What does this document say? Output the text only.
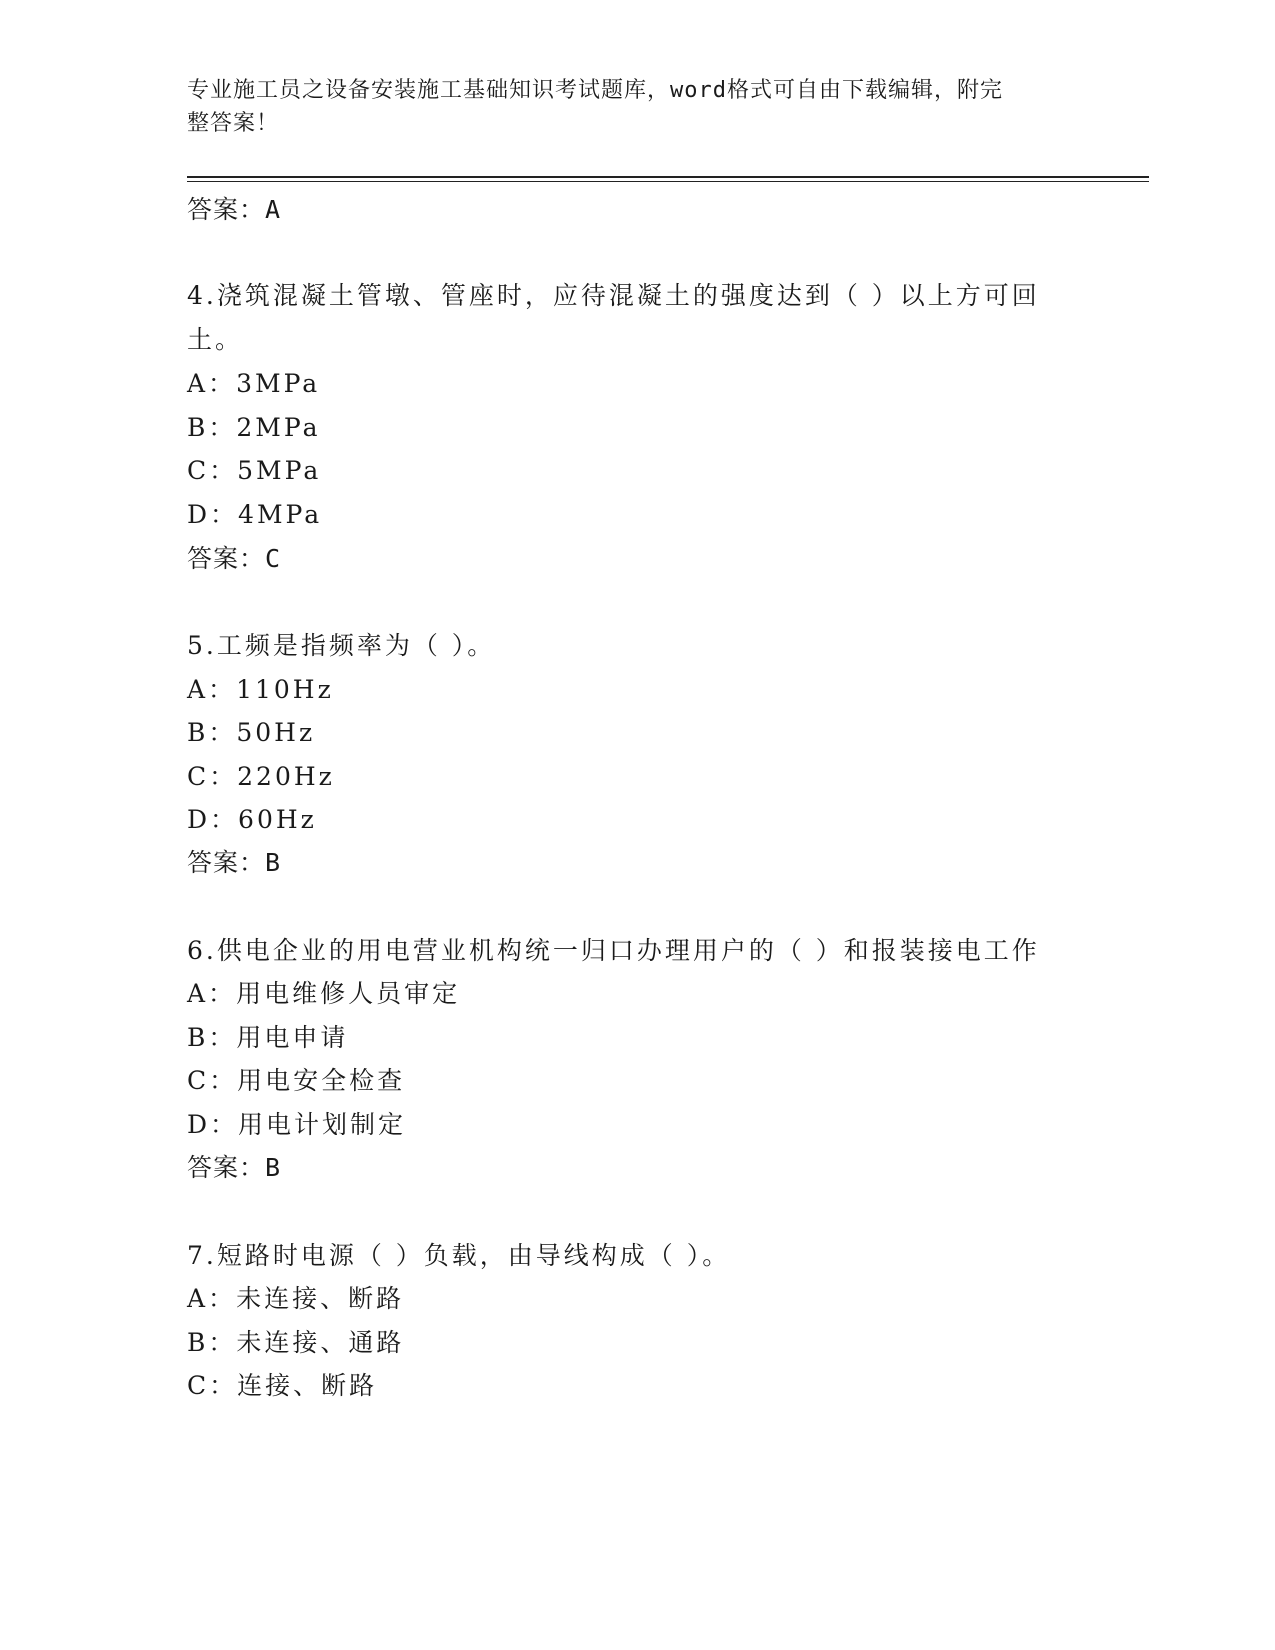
专业施工员之设备安装施工基础知识考试题库，word格式可自由下载编辑，附完
整答案！
答案：A
4.浇筑混凝土管墩、管座时，应待混凝土的强度达到（ ）以上方可回
土。
A：3MPa
B：2MPa
C：5MPa
D：4MPa
答案：C
5.工频是指频率为（ ）。
A：110Hz
B：50Hz
C：220Hz
D：60Hz
答案：B
6.供电企业的用电营业机构统一归口办理用户的（ ）和报装接电工作
A：用电维修人员审定
B：用电申请
C：用电安全检查
D：用电计划制定
答案：B
7.短路时电源（ ）负载，由导线构成（ ）。
A：未连接、断路
B：未连接、通路
C：连接、断路
